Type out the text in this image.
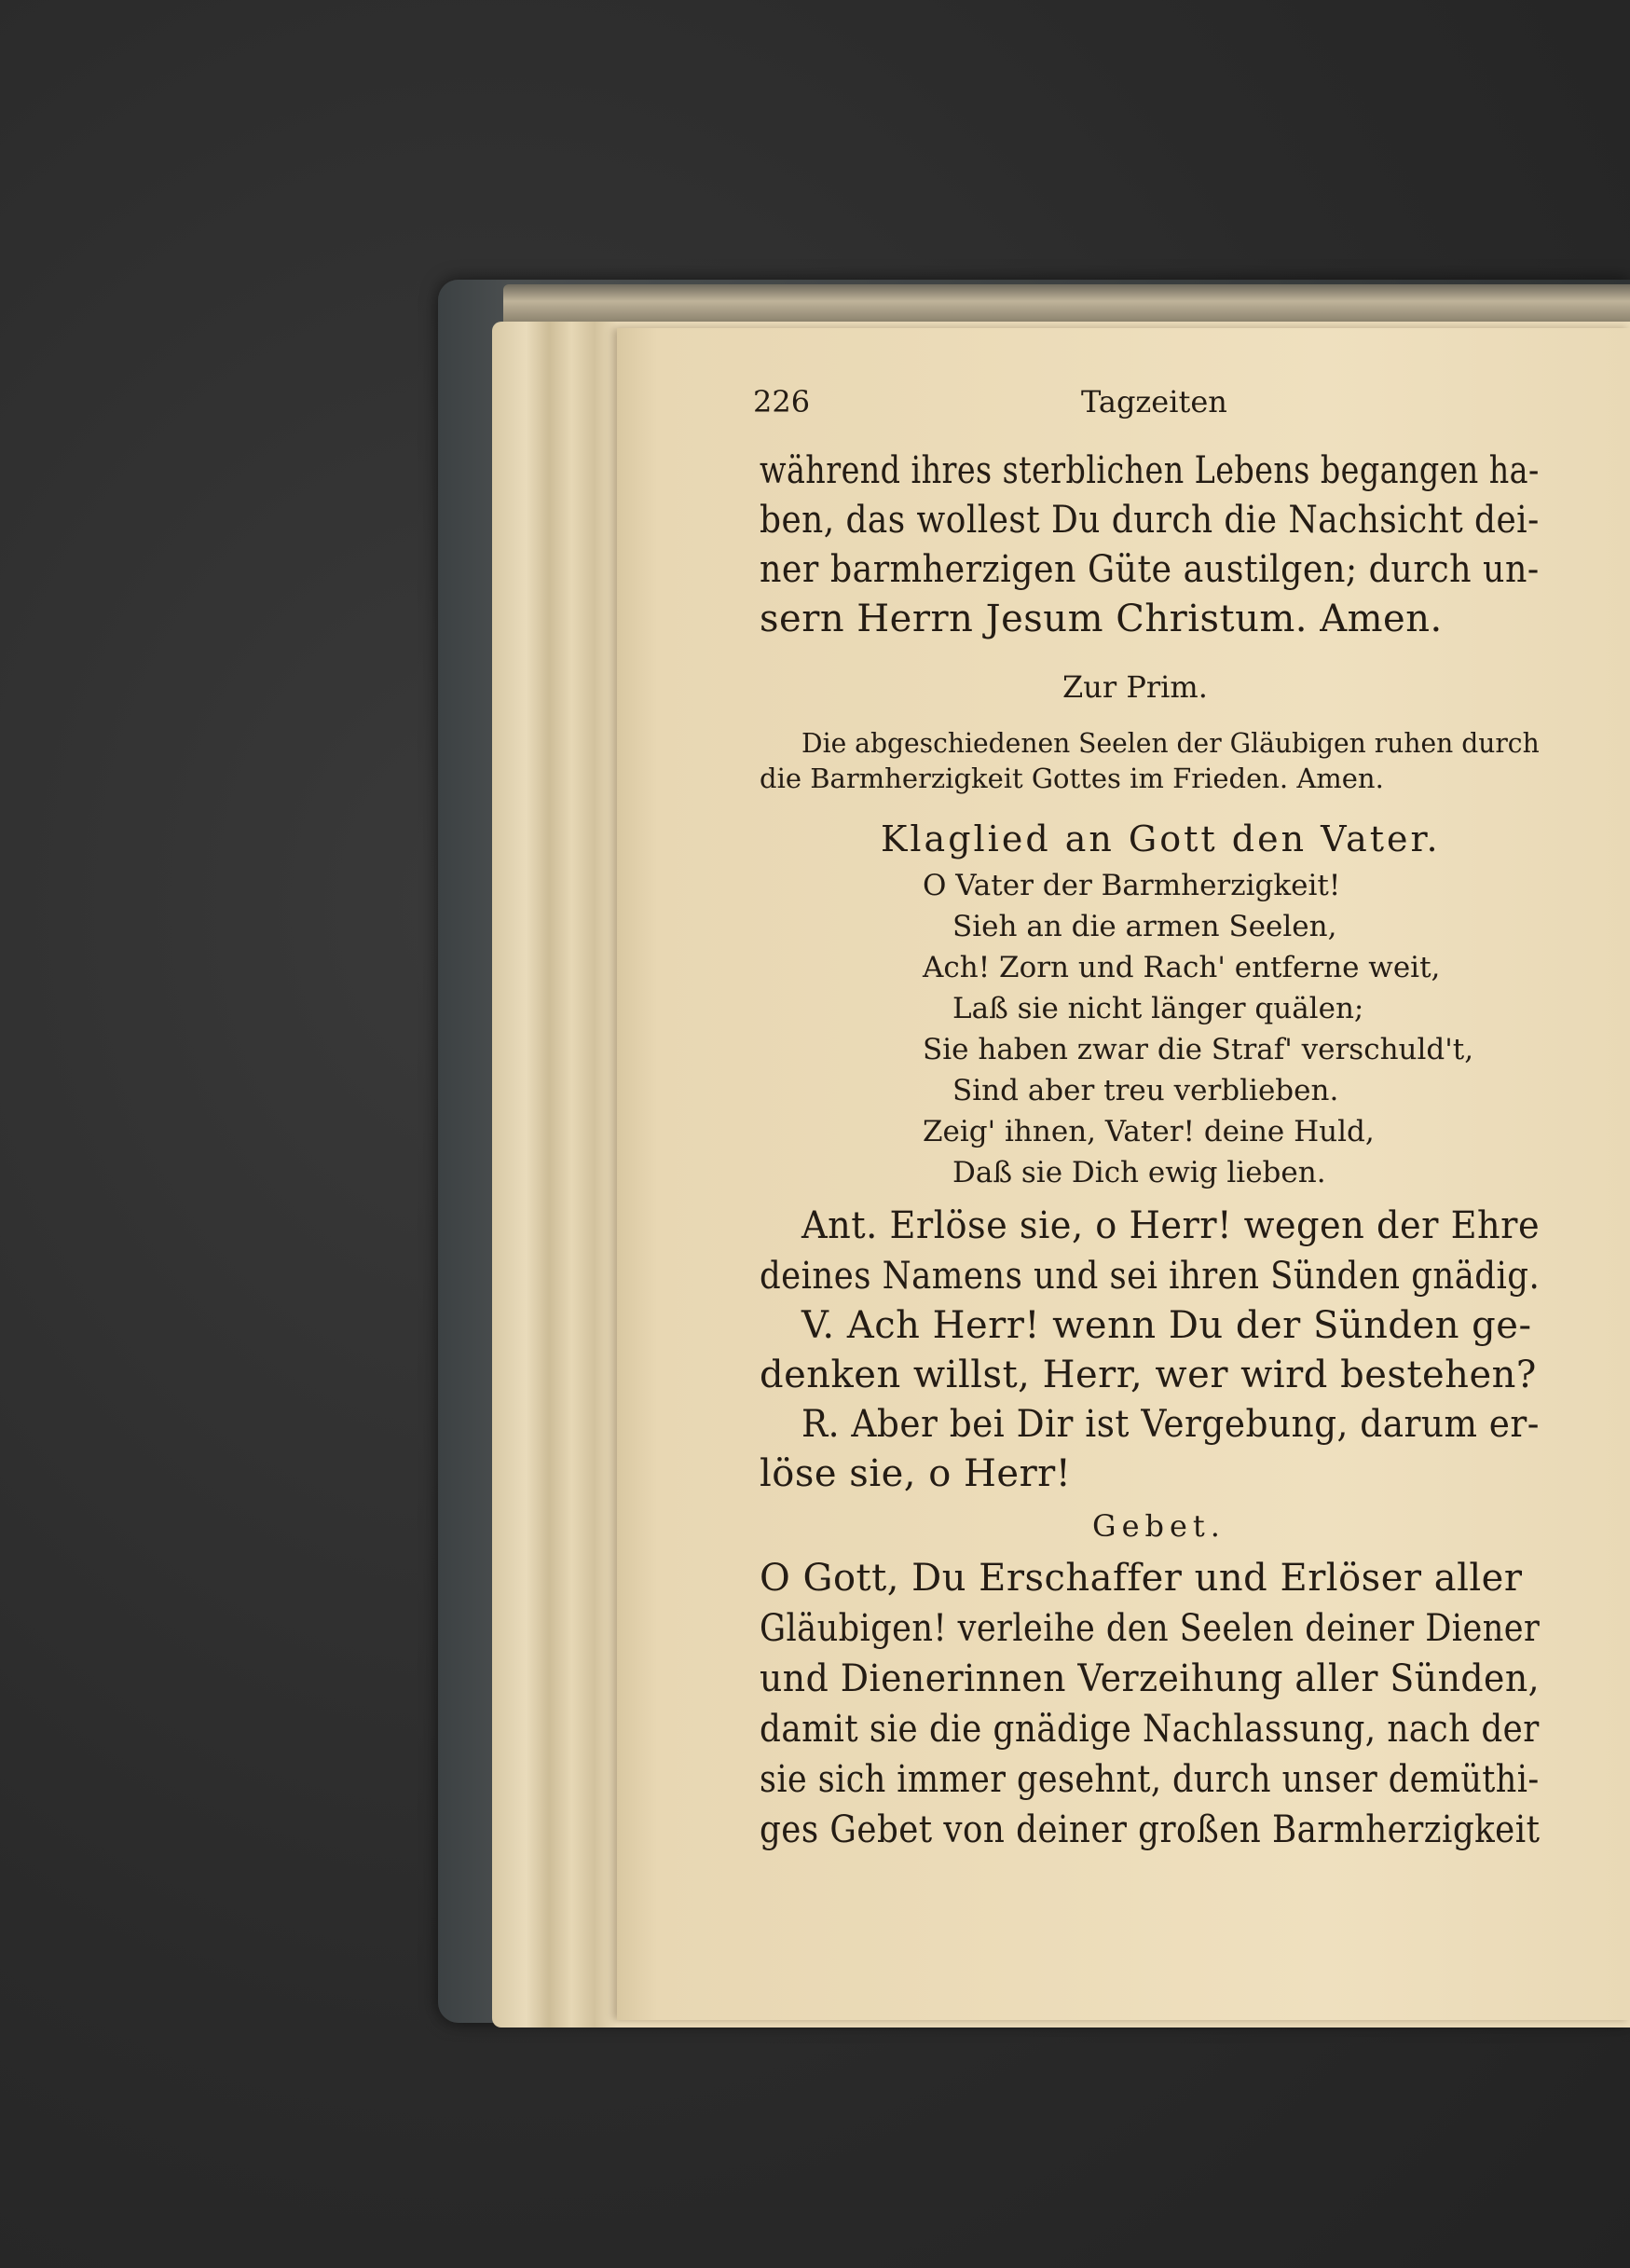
226	Tagzeiten
während ihres sterblichen Lebens begangen ha-
ben, das wollest Du durch die Nachsicht dei-
ner barmherzigen Güte austilgen; durch un-
sern Herrn Jesum Christum. Amen.
Zur Prim.
Die abgeschiedenen Seelen der Gläubigen ruhen durch
die Barmherzigkeit Gottes im Frieden. Amen.
Klaglied an Gott den Vater.
O Vater der Barmherzigkeit!
Sieh an die armen Seelen,
Ach! Zorn und Rach' entferne weit,
Laß sie nicht länger quälen;
Sie haben zwar die Straf' verschuld't,
Sind aber treu verblieben.
Zeig' ihnen, Vater! deine Huld,
Daß sie Dich ewig lieben.
Ant. Erlöse sie, o Herr! wegen der Ehre
deines Namens und sei ihren Sünden gnädig.
V. Ach Herr! wenn Du der Sünden ge-
denken willst, Herr, wer wird bestehen?
R. Aber bei Dir ist Vergebung, darum er-
löse sie, o Herr!
Gebet.
O Gott, Du Erschaffer und Erlöser aller
Gläubigen! verleihe den Seelen deiner Diener
und Dienerinnen Verzeihung aller Sünden,
damit sie die gnädige Nachlassung, nach der
sie sich immer gesehnt, durch unser demüthi-
ges Gebet von deiner großen Barmherzigkeit
